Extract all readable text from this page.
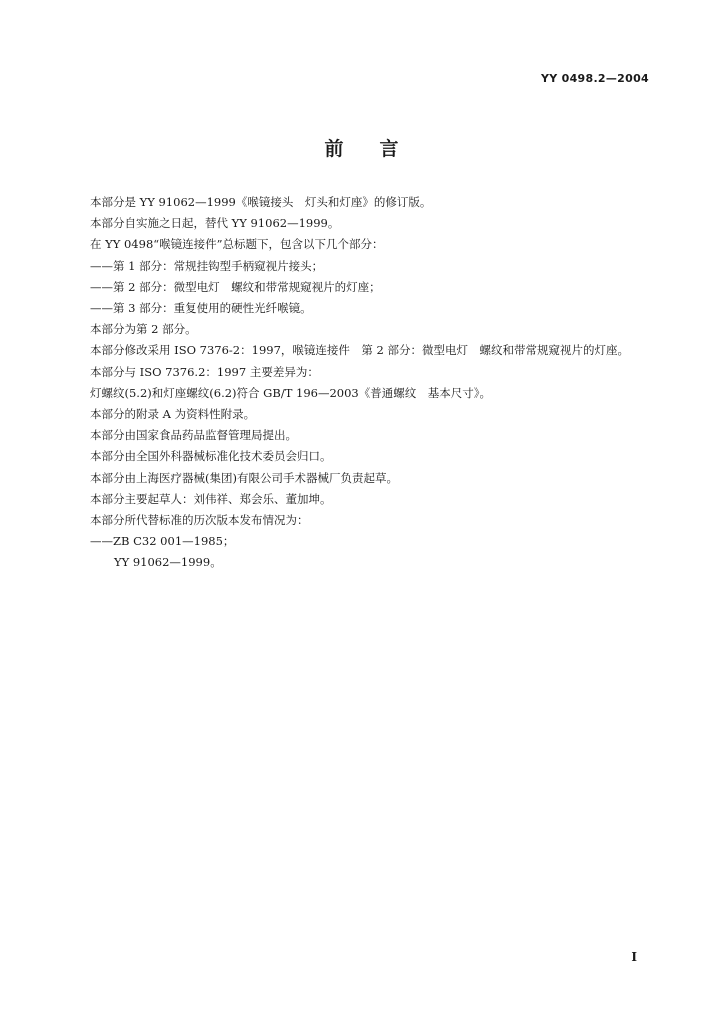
YY 0498.2—2004
前言

本部分是 YY 91062—1999《喉镜接头　灯头和灯座》的修订版。

本部分自实施之日起，替代 YY 91062—1999。

在 YY 0498“喉镜连接件”总标题下，包含以下几个部分：

——第 1 部分：常规挂钩型手柄窥视片接头；

——第 2 部分：微型电灯　螺纹和带常规窥视片的灯座；

——第 3 部分：重复使用的硬性光纤喉镜。

本部分为第 2 部分。

本部分修改采用 ISO 7376-2：1997，喉镜连接件　第 2 部分：微型电灯　螺纹和带常规窥视片的灯座。

本部分与 ISO 7376.2：1997 主要差异为：

灯螺纹(5.2)和灯座螺纹(6.2)符合 GB/T 196—2003《普通螺纹　基本尺寸》。

本部分的附录 A 为资料性附录。

本部分由国家食品药品监督管理局提出。

本部分由全国外科器械标准化技术委员会归口。

本部分由上海医疗器械(集团)有限公司手术器械厂负责起草。

本部分主要起草人：刘伟祥、郑会乐、董加坤。

本部分所代替标准的历次版本发布情况为：

——ZB C32 001—1985；

YY 91062—1999。

I
